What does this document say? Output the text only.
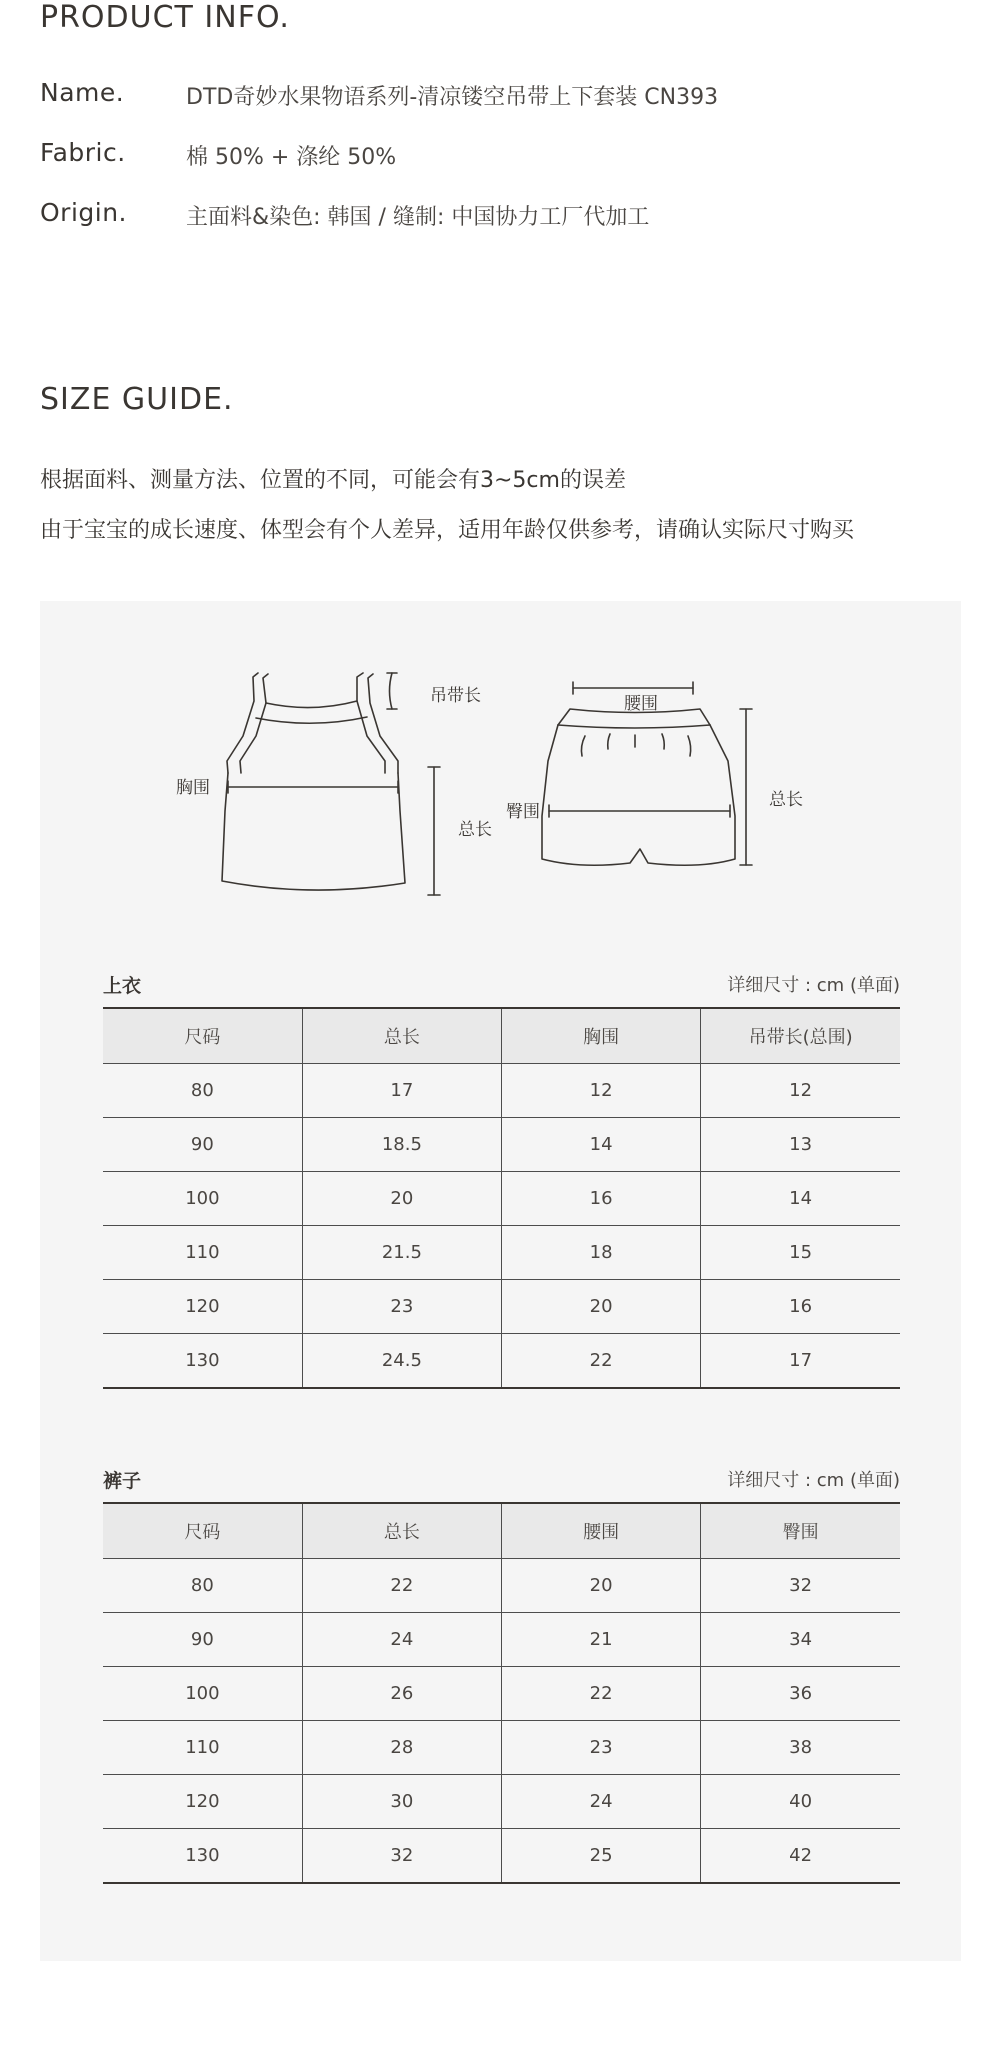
PRODUCT INFO.
Name.	DTD奇妙水果物语系列-清凉镂空吊带上下套装 CN393
Fabric.	棉 50% + 涤纶 50%
Origin.	主面料&染色: 韩国 / 缝制: 中国协力工厂代加工
SIZE GUIDE.
根据面料、测量方法、位置的不同，可能会有3~5cm的误差
由于宝宝的成长速度、体型会有个人差异，适用年龄仅供参考，请确认实际尺寸购买
吊带长
胸围
总长
腰围
臀围
总长
上衣	详细尺寸 : cm (单面)
尺码	总长	胸围	吊带长(总围)
80	17	12	12
90	18.5	14	13
100	20	16	14
110	21.5	18	15
120	23	20	16
130	24.5	22	17
裤子	详细尺寸 : cm (单面)
尺码	总长	腰围	臀围
80	22	20	32
90	24	21	34
100	26	22	36
110	28	23	38
120	30	24	40
130	32	25	42
